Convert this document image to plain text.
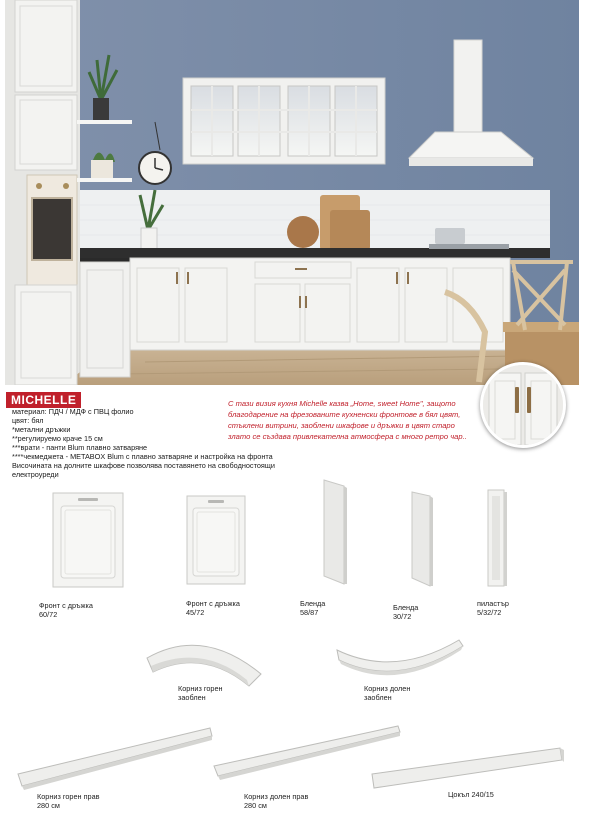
MICHELLE
материал: ПДЧ / МДФ с ПВЦ фолио
цвят: бял
*метални дръжки
**регулируемо краче 15 см
***врати - панти Blum плавно затваряне
****чекмеджета - METABOX Blum с плавно затваряне и настройка на фронта
Височината на долните шкафове позволява поставянето на свободностоящи
електроуреди
С тази визия кухня Michelle казва „Home, sweet Home", защото благодарение на фрезованите кухненски фронтове в бял цвят, стъклени витрини, заоблени шкафове и дръжки в цвят старо злато се създава привлекателна атмосфера с много ретро чар..
Фронт с дръжка
60/72
Фронт с дръжка
45/72
Бленда
58/87
Бленда
30/72
пиластър
5/32/72
Корниз горен
заоблен
Корниз долен
заоблен
Корниз горен прав
280 см
Корниз долен прав
280 см
Цокъл 240/15
